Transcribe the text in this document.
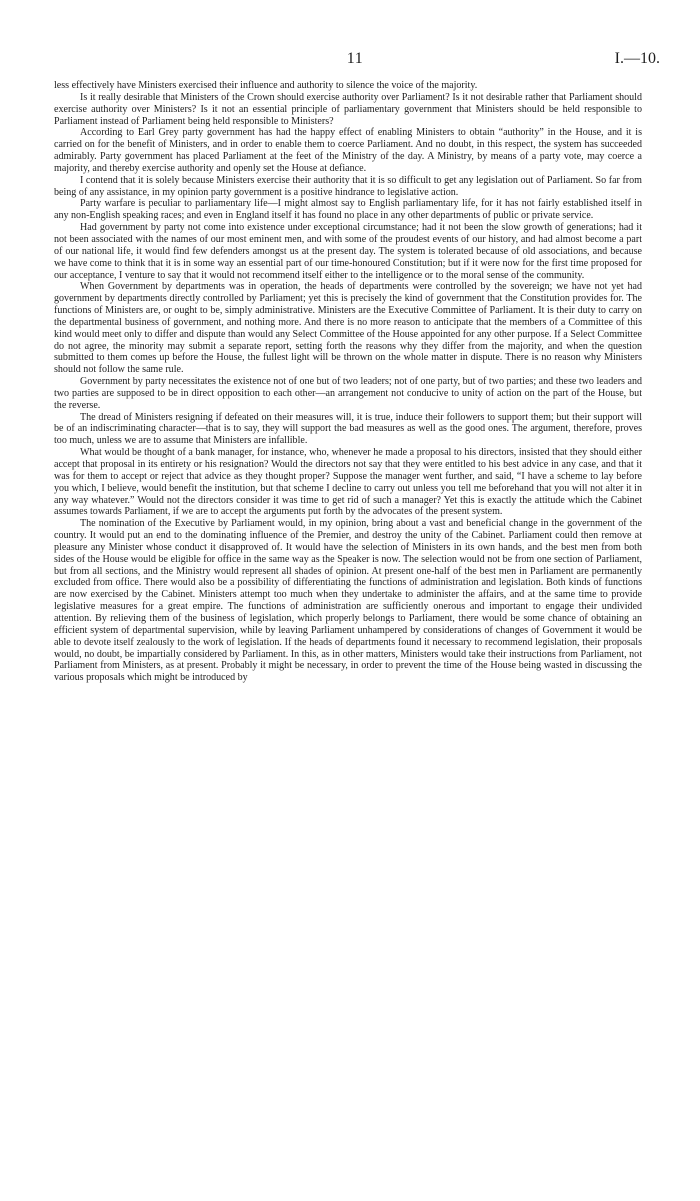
11	I.—10.

less effectively have Ministers exercised their influence and authority to silence the voice of the majority.

Is it really desirable that Ministers of the Crown should exercise authority over Parliament? Is it not desirable rather that Parliament should exercise authority over Ministers? Is it not an essential principle of parliamentary government that Ministers should be held responsible to Parliament instead of Parliament being held responsible to Ministers?

According to Earl Grey party government has had the happy effect of enabling Ministers to obtain “authority” in the House, and it is carried on for the benefit of Ministers, and in order to enable them to coerce Parliament. And no doubt, in this respect, the system has succeeded admirably. Party government has placed Parliament at the feet of the Ministry of the day. A Ministry, by means of a party vote, may coerce a majority, and thereby exercise authority and openly set the House at defiance.

I contend that it is solely because Ministers exercise their authority that it is so difficult to get any legislation out of Parliament. So far from being of any assistance, in my opinion party government is a positive hindrance to legislative action.

Party warfare is peculiar to parliamentary life—I might almost say to English parliamentary life, for it has not fairly established itself in any non-English speaking races; and even in England itself it has found no place in any other departments of public or private service.

Had government by party not come into existence under exceptional circumstance; had it not been the slow growth of generations; had it not been associated with the names of our most eminent men, and with some of the proudest events of our history, and had almost become a part of our national life, it would find few defenders amongst us at the present day. The system is tolerated because of old associations, and because we have come to think that it is in some way an essential part of our time-honoured Constitution; but if it were now for the first time proposed for our acceptance, I venture to say that it would not recommend itself either to the intelligence or to the moral sense of the community.

When Government by departments was in operation, the heads of departments were controlled by the sovereign; we have not yet had government by departments directly controlled by Parliament; yet this is precisely the kind of government that the Constitution provides for. The functions of Ministers are, or ought to be, simply administrative. Ministers are the Executive Committee of Parliament. It is their duty to carry on the departmental business of government, and nothing more. And there is no more reason to anticipate that the members of a Committee of this kind would meet only to differ and dispute than would any Select Committee of the House appointed for any other purpose. If a Select Committee do not agree, the minority may submit a separate report, setting forth the reasons why they differ from the majority, and when the question submitted to them comes up before the House, the fullest light will be thrown on the whole matter in dispute. There is no reason why Ministers should not follow the same rule.

Government by party necessitates the existence not of one but of two leaders; not of one party, but of two parties; and these two leaders and two parties are supposed to be in direct opposition to each other—an arrangement not conducive to unity of action on the part of the House, but the reverse.

The dread of Ministers resigning if defeated on their measures will, it is true, induce their followers to support them; but their support will be of an indiscriminating character—that is to say, they will support the bad measures as well as the good ones. The argument, therefore, proves too much, unless we are to assume that Ministers are infallible.

What would be thought of a bank manager, for instance, who, whenever he made a proposal to his directors, insisted that they should either accept that proposal in its entirety or his resignation? Would the directors not say that they were entitled to his best advice in any case, and that it was for them to accept or reject that advice as they thought proper? Suppose the manager went further, and said, “I have a scheme to lay before you which, I believe, would benefit the institution, but that scheme I decline to carry out unless you tell me beforehand that you will not alter it in any way whatever.” Would not the directors consider it was time to get rid of such a manager? Yet this is exactly the attitude which the Cabinet assumes towards Parliament, if we are to accept the arguments put forth by the advocates of the present system.

The nomination of the Executive by Parliament would, in my opinion, bring about a vast and beneficial change in the government of the country. It would put an end to the dominating influence of the Premier, and destroy the unity of the Cabinet. Parliament could then remove at pleasure any Minister whose conduct it disapproved of. It would have the selection of Ministers in its own hands, and the best men from both sides of the House would be eligible for office in the same way as the Speaker is now. The selection would not be from one section of Parliament, but from all sections, and the Ministry would represent all shades of opinion. At present one-half of the best men in Parliament are permanently excluded from office. There would also be a possibility of differentiating the functions of administration and legislation. Both kinds of functions are now exercised by the Cabinet. Ministers attempt too much when they undertake to administer the affairs, and at the same time to provide legislative measures for a great empire. The functions of administration are sufficiently onerous and important to engage their undivided attention. By relieving them of the business of legislation, which properly belongs to Parliament, there would be some chance of obtaining an efficient system of departmental supervision, while by leaving Parliament unhampered by considerations of changes of Government it would be able to devote itself zealously to the work of legislation. If the heads of departments found it necessary to recommend legislation, their proposals would, no doubt, be impartially considered by Parliament. In this, as in other matters, Ministers would take their instructions from Parliament, not Parliament from Ministers, as at present. Probably it might be necessary, in order to prevent the time of the House being wasted in discussing the various proposals which might be introduced by
